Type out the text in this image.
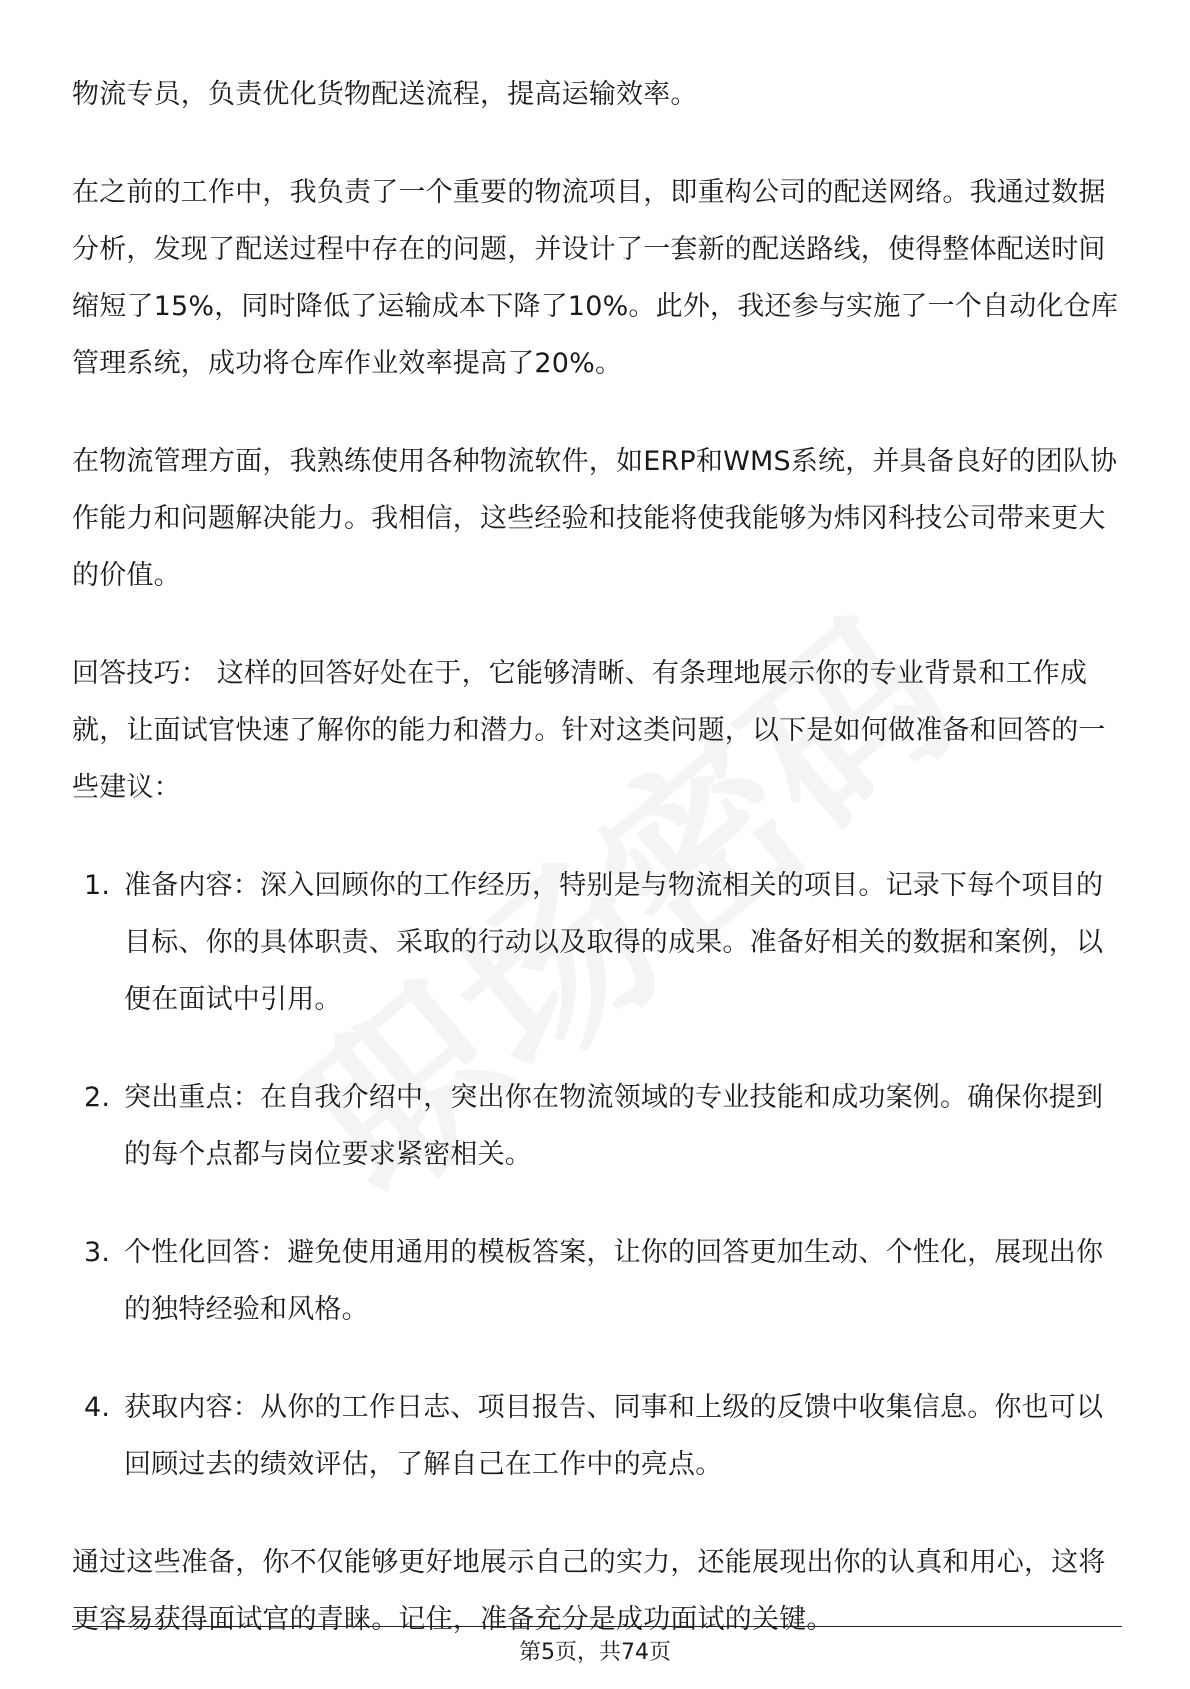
物流专员，负责优化货物配送流程，提高运输效率。

在之前的工作中，我负责了一个重要的物流项目，即重构公司的配送网络。我通过数据分析，发现了配送过程中存在的问题，并设计了一套新的配送路线，使得整体配送时间缩短了15%，同时降低了运输成本下降了10%。此外，我还参与实施了一个自动化仓库管理系统，成功将仓库作业效率提高了20%。

在物流管理方面，我熟练使用各种物流软件，如ERP和WMS系统，并具备良好的团队协作能力和问题解决能力。我相信，这些经验和技能将使我能够为炜冈科技公司带来更大的价值。

回答技巧： 这样的回答好处在于，它能够清晰、有条理地展示你的专业背景和工作成就，让面试官快速了解你的能力和潜力。针对这类问题，以下是如何做准备和回答的一些建议：

1. 准备内容：深入回顾你的工作经历，特别是与物流相关的项目。记录下每个项目的目标、你的具体职责、采取的行动以及取得的成果。准备好相关的数据和案例，以便在面试中引用。
2. 突出重点：在自我介绍中，突出你在物流领域的专业技能和成功案例。确保你提到的每个点都与岗位要求紧密相关。
3. 个性化回答：避免使用通用的模板答案，让你的回答更加生动、个性化，展现出你的独特经验和风格。
4. 获取内容：从你的工作日志、项目报告、同事和上级的反馈中收集信息。你也可以回顾过去的绩效评估，了解自己在工作中的亮点。

通过这些准备，你不仅能够更好地展示自己的实力，还能展现出你的认真和用心，这将更容易获得面试官的青睐。记住，准备充分是成功面试的关键。

第5页，共74页
